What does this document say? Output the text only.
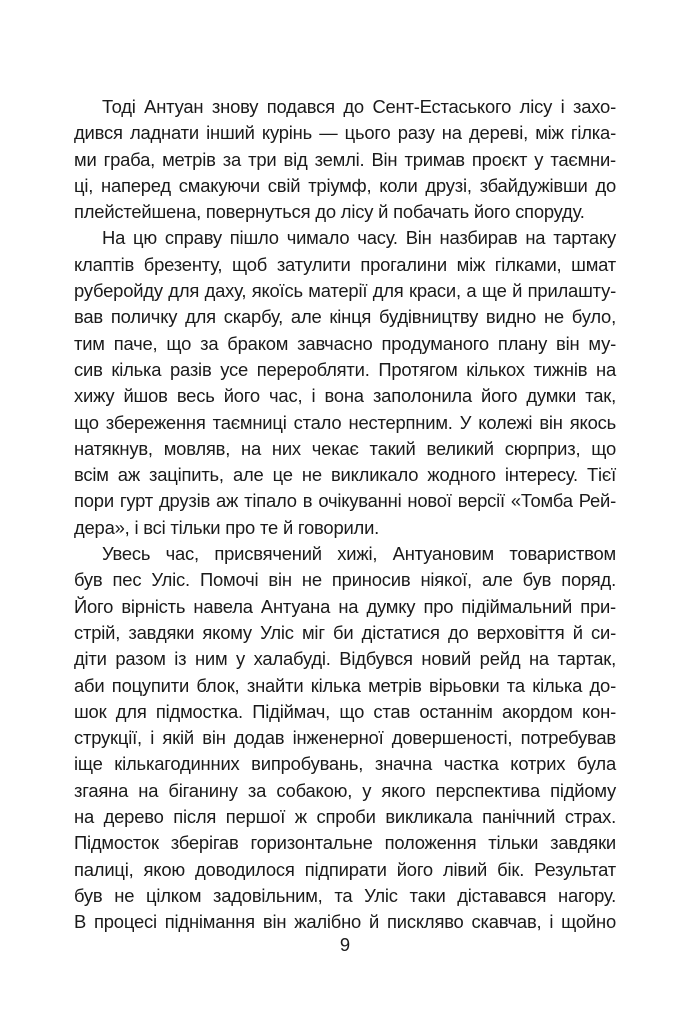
Тоді Антуан знову подався до Сент-Естаського лісу і захо-
дився ладнати інший курінь — цього разу на дереві, між гілка-
ми граба, метрів за три від землі. Він тримав проєкт у таємни-
ці, наперед смакуючи свій тріумф, коли друзі, збайдужівши до
плейстейшена, повернуться до лісу й побачать його споруду.
На цю справу пішло чимало часу. Він назбирав на тартаку
клаптів брезенту, щоб затулити прогалини між гілками, шмат
руберойду для даху, якоїсь матерії для краси, а ще й прилашту-
вав поличку для скарбу, але кінця будівництву видно не було,
тим паче, що за браком завчасно продуманого плану він му-
сив кілька разів усе переробляти. Протягом кількох тижнів на
хижу йшов весь його час, і вона заполонила його думки так,
що збереження таємниці стало нестерпним. У колежі він якось
натякнув, мовляв, на них чекає такий великий сюрприз, що
всім аж заціпить, але це не викликало жодного інтересу. Тієї
пори гурт друзів аж тіпало в очікуванні нової версії «Томба Рей-
дера», і всі тільки про те й говорили.
Увесь час, присвячений хижі, Антуановим товариством
був пес Уліс. Помочі він не приносив ніякої, але був поряд.
Його вірність навела Антуана на думку про підіймальний при-
стрій, завдяки якому Уліс міг би дістатися до верховіття й си-
діти разом із ним у халабуді. Відбувся новий рейд на тартак,
аби поцупити блок, знайти кілька метрів вірьовки та кілька до-
шок для підмостка. Підіймач, що став останнім акордом кон-
струкції, і якій він додав інженерної довершеності, потребував
іще кількагодинних випробувань, значна частка котрих була
згаяна на біганину за собакою, у якого перспектива підйому
на дерево після першої ж спроби викликала панічний страх.
Підмосток зберігав горизонтальне положення тільки завдяки
палиці, якою доводилося підпирати його лівий бік. Результат
був не цілком задовільним, та Уліс таки діставався нагору.
В процесі піднімання він жалібно й пискляво скавчав, і щойно
9
